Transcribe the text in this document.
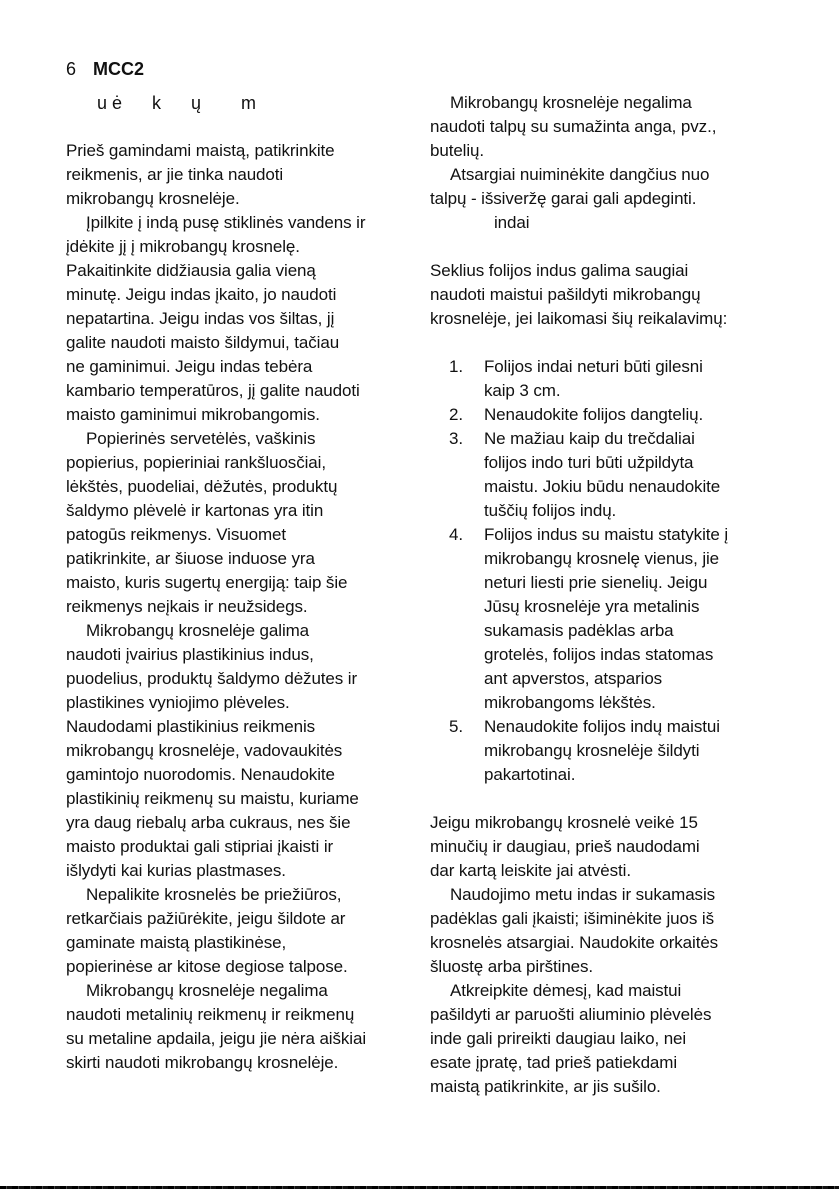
6 MCC2
u ė      k      ų        m
Prieš gamindami maistą, patikrinkite
reikmenis, ar jie tinka naudoti
mikrobangų krosnelėje.
Įpilkite į indą pusę stiklinės vandens ir
įdėkite jį į mikrobangų krosnelę.
Pakaitinkite didžiausia galia vieną
minutę. Jeigu indas įkaito, jo naudoti
nepatartina. Jeigu indas vos šiltas, jį
galite naudoti maisto šildymui, tačiau
ne gaminimui. Jeigu indas tebėra
kambario temperatūros, jį galite naudoti
maisto gaminimui mikrobangomis.
Popierinės servetėlės, vaškinis
popierius, popieriniai rankšluosčiai,
lėkštės, puodeliai, dėžutės, produktų
šaldymo plėvelė ir kartonas yra itin
patogūs reikmenys. Visuomet
patikrinkite, ar šiuose induose yra
maisto, kuris sugertų energiją: taip šie
reikmenys neįkais ir neužsidegs.
Mikrobangų krosnelėje galima
naudoti įvairius plastikinius indus,
puodelius, produktų šaldymo dėžutes ir
plastikines vyniojimo plėveles.
Naudodami plastikinius reikmenis
mikrobangų krosnelėje, vadovaukitės
gamintojo nuorodomis. Nenaudokite
plastikinių reikmenų su maistu, kuriame
yra daug riebalų arba cukraus, nes šie
maisto produktai gali stipriai įkaisti ir
išlydyti kai kurias plastmases.
Nepalikite krosnelės be priežiūros,
retkarčiais pažiūrėkite, jeigu šildote ar
gaminate maistą plastikinėse,
popierinėse ar kitose degiose talpose.
Mikrobangų krosnelėje negalima
naudoti metalinių reikmenų ir reikmenų
su metaline apdaila, jeigu jie nėra aiškiai
skirti naudoti mikrobangų krosnelėje.
Mikrobangų krosnelėje negalima
naudoti talpų su sumažinta anga, pvz.,
butelių.
Atsargiai nuiminėkite dangčius nuo
talpų - išsiveržę garai gali apdeginti.
indai
Seklius folijos indus galima saugiai
naudoti maistui pašildyti mikrobangų
krosnelėje, jei laikomasi šių reikalavimų:
1. Folijos indai neturi būti gilesni
kaip 3 cm.
2. Nenaudokite folijos dangtelių.
3. Ne mažiau kaip du trečdaliai
folijos indo turi būti užpildyta
maistu. Jokiu būdu nenaudokite
tuščių folijos indų.
4. Folijos indus su maistu statykite į
mikrobangų krosnelę vienus, jie
neturi liesti prie sienelių. Jeigu
Jūsų krosnelėje yra metalinis
sukamasis padėklas arba
grotelės, folijos indas statomas
ant apverstos, atsparios
mikrobangoms lėkštės.
5. Nenaudokite folijos indų maistui
mikrobangų krosnelėje šildyti
pakartotinai.
Jeigu mikrobangų krosnelė veikė 15
minučių ir daugiau, prieš naudodami
dar kartą leiskite jai atvėsti.
Naudojimo metu indas ir sukamasis
padėklas gali įkaisti; išiminėkite juos iš
krosnelės atsargiai. Naudokite orkaitės
šluostę arba pirštines.
Atkreipkite dėmesį, kad maistui
pašildyti ar paruošti aliuminio plėvelės
inde gali prireikti daugiau laiko, nei
esate įpratę, tad prieš patiekdami
maistą patikrinkite, ar jis sušilo.
